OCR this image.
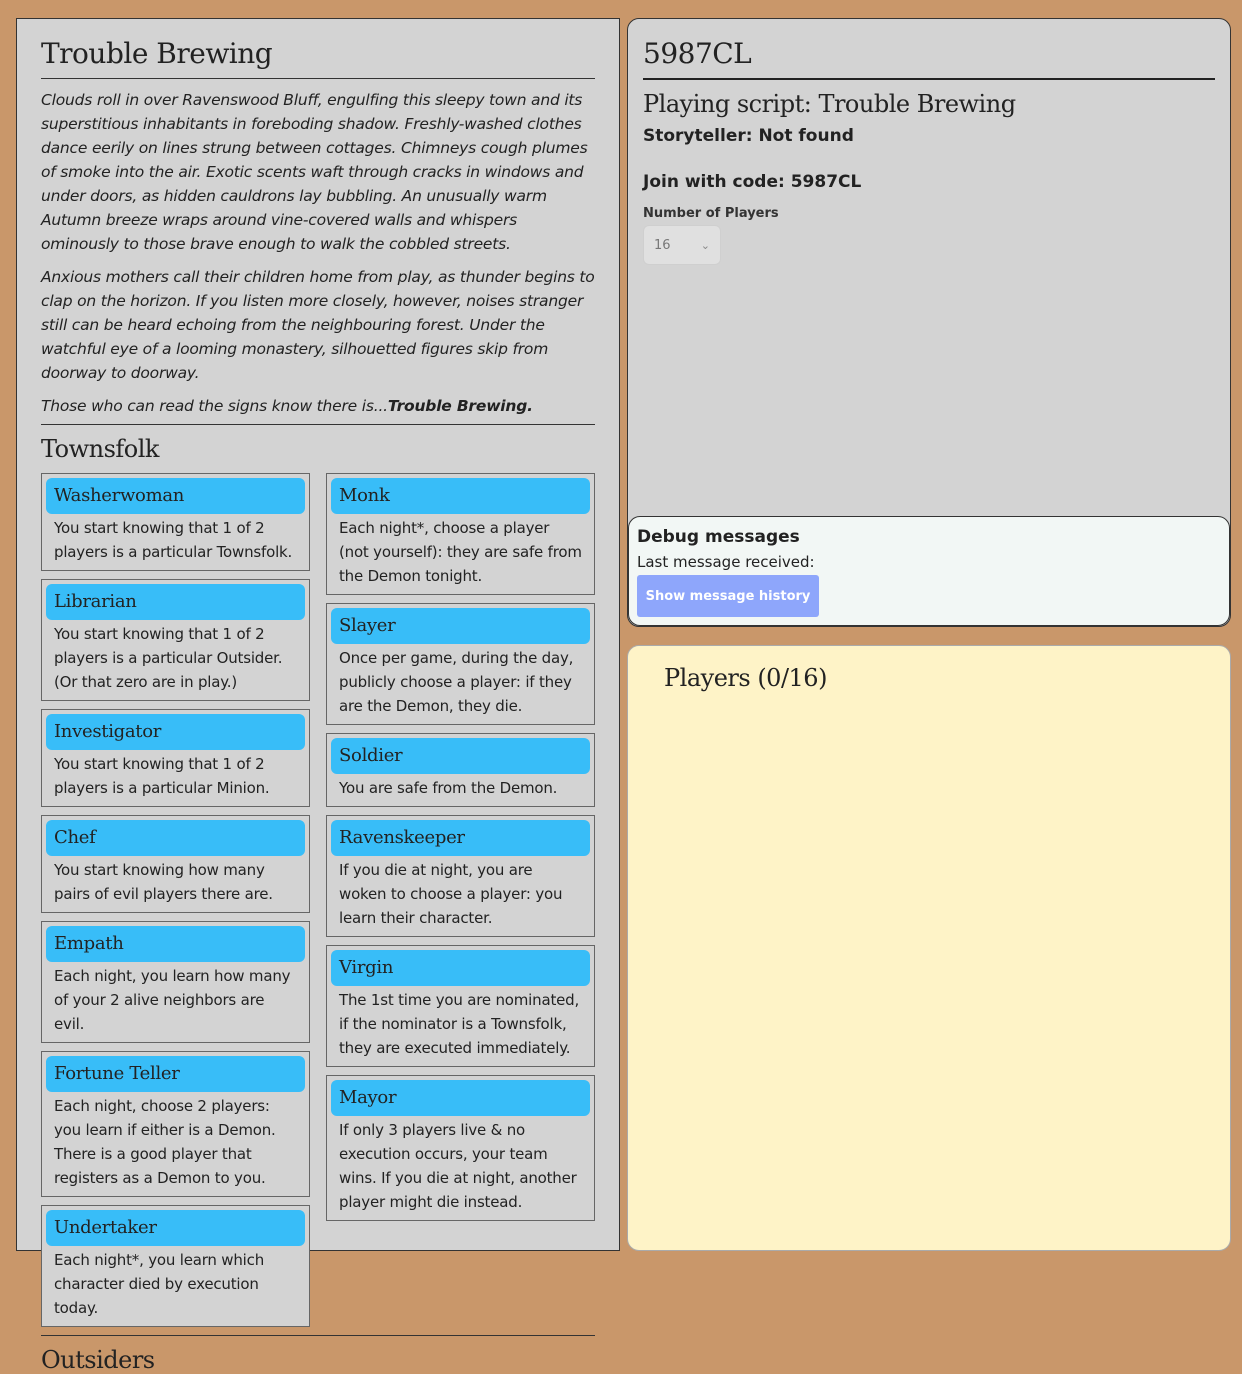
Trouble Brewing

Clouds roll in over Ravenswood Bluff, engulfing this sleepy town and its superstitious inhabitants in foreboding shadow. Freshly-washed clothes dance eerily on lines strung between cottages. Chimneys cough plumes of smoke into the air. Exotic scents waft through cracks in windows and under doors, as hidden cauldrons lay bubbling. An unusually warm Autumn breeze wraps around vine-covered walls and whispers ominously to those brave enough to walk the cobbled streets.

Anxious mothers call their children home from play, as thunder begins to clap on the horizon. If you listen more closely, however, noises stranger still can be heard echoing from the neighbouring forest. Under the watchful eye of a looming monastery, silhouetted figures skip from doorway to doorway.

Those who can read the signs know there is...Trouble Brewing.

Townsfolk
Washerwoman
You start knowing that 1 of 2 players is a particular Townsfolk.
Librarian
You start knowing that 1 of 2 players is a particular Outsider. (Or that zero are in play.)
Investigator
You start knowing that 1 of 2 players is a particular Minion.
Chef
You start knowing how many pairs of evil players there are.
Empath
Each night, you learn how many of your 2 alive neighbors are evil.
Fortune Teller
Each night, choose 2 players: you learn if either is a Demon. There is a good player that registers as a Demon to you.
Undertaker
Each night*, you learn which character died by execution today.
Monk
Each night*, choose a player (not yourself): they are safe from the Demon tonight.
Slayer
Once per game, during the day, publicly choose a player: if they are the Demon, they die.
Soldier
You are safe from the Demon.
Ravenskeeper
If you die at night, you are woken to choose a player: you learn their character.
Virgin
The 1st time you are nominated, if the nominator is a Townsfolk, they are executed immediately.
Mayor
If only 3 players live & no execution occurs, your team wins. If you die at night, another player might die instead.
Outsiders
5987CL
Playing script: Trouble Brewing
Storyteller: Not found
Join with code: 5987CL
Number of Players
16	⌄
Debug messages
Last message received:
Show message history
Players (0/16)
